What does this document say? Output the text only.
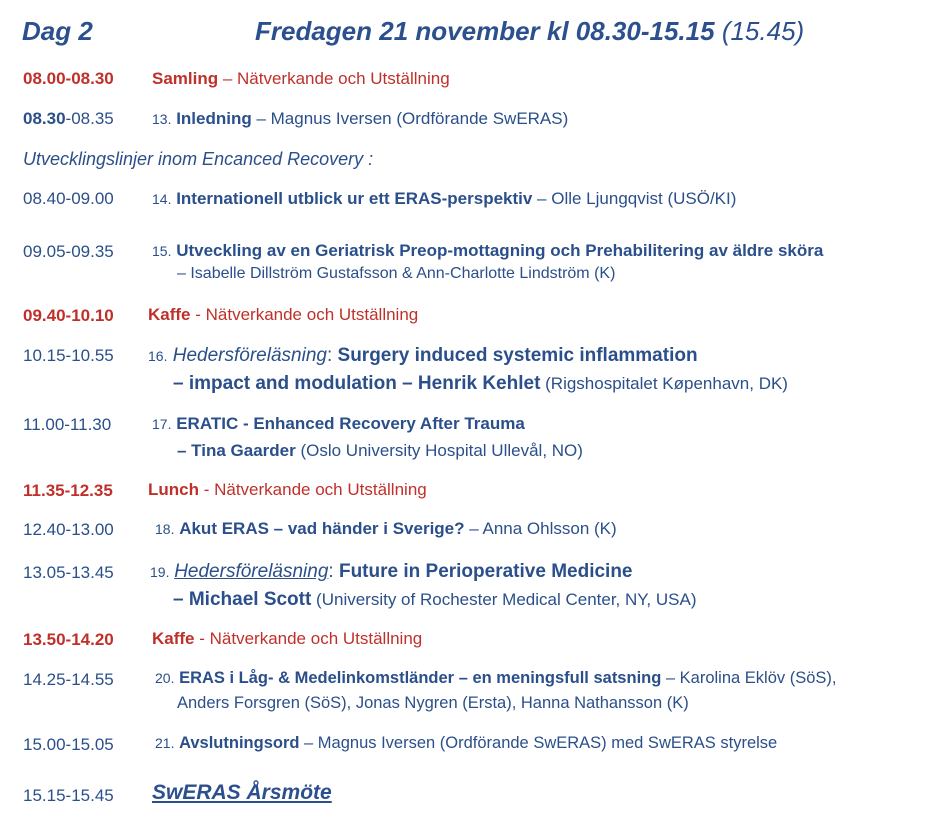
Dag 2	Fredagen 21 november kl 08.30-15.15 (15.45)
08.00-08.30 Samling – Nätverkande och Utställning
08.30-08.35	13. Inledning – Magnus Iversen (Ordförande SwERAS)
Utvecklingslinjer inom Encanced Recovery :
08.40-09.00	14. Internationell utblick ur ett ERAS-perspektiv – Olle Ljungqvist (USÖ/KI)
09.05-09.35	15. Utveckling av en Geriatrisk Preop-mottagning och Prehabilitering av äldre sköra
– Isabelle Dillström Gustafsson & Ann-Charlotte Lindström (K)
09.40-10.10 Kaffe - Nätverkande och Utställning
10.15-10.55 16. Hedersföreläsning: Surgery induced systemic inflammation
– impact and modulation – Henrik Kehlet (Rigshospitalet Køpenhavn, DK)
11.00-11.30	17. ERATIC - Enhanced Recovery After Trauma
– Tina Gaarder (Oslo University Hospital Ullevål, NO)
11.35-12.35 Lunch - Nätverkande och Utställning
12.40-13.00	18. Akut ERAS – vad händer i Sverige? – Anna Ohlsson (K)
13.05-13.45	19. Hedersföreläsning: Future in Perioperative Medicine
– Michael Scott (University of Rochester Medical Center, NY, USA)
13.50-14.20 Kaffe - Nätverkande och Utställning
14.25-14.55	20. ERAS i Låg- & Medelinkomstländer – en meningsfull satsning – Karolina Eklöv (SöS),
Anders Forsgren (SöS), Jonas Nygren (Ersta), Hanna Nathansson (K)
15.00-15.05	21. Avslutningsord – Magnus Iversen (Ordförande SwERAS) med SwERAS styrelse
15.15-15.45 SwERAS Årsmöte
